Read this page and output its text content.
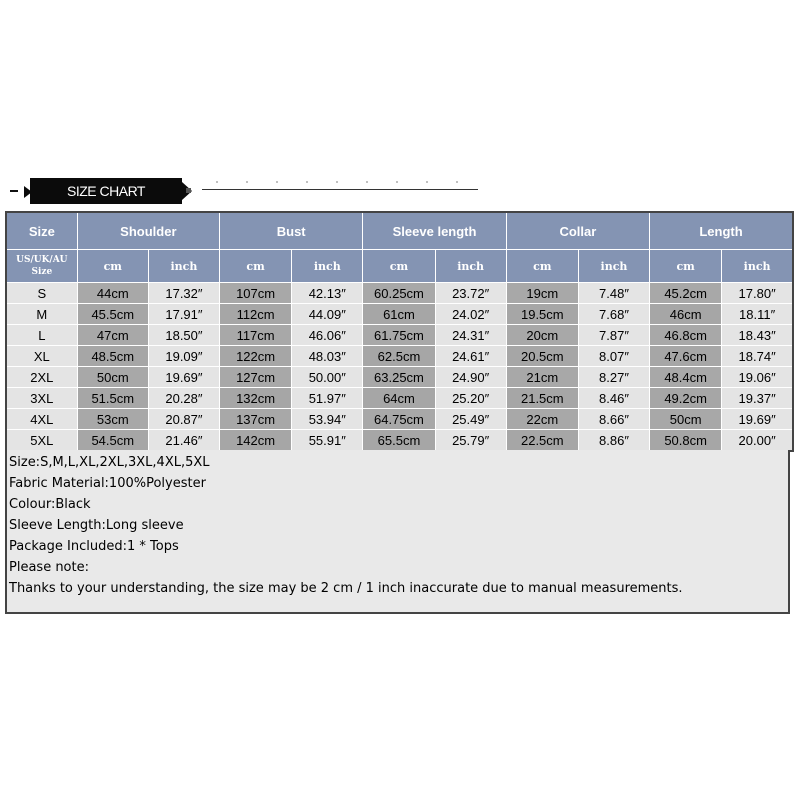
SIZE CHART
Size	Shoulder		Bust		Sleeve length		Collar		Length	
US/UK/AU Size	cm	inch	cm	inch	cm	inch	cm	inch	cm	inch
S	44cm	17.32″	107cm	42.13″	60.25cm	23.72″	19cm	7.48″	45.2cm	17.80″
M	45.5cm	17.91″	112cm	44.09″	61cm	24.02″	19.5cm	7.68″	46cm	18.11″
L	47cm	18.50″	117cm	46.06″	61.75cm	24.31″	20cm	7.87″	46.8cm	18.43″
XL	48.5cm	19.09″	122cm	48.03″	62.5cm	24.61″	20.5cm	8.07″	47.6cm	18.74″
2XL	50cm	19.69″	127cm	50.00″	63.25cm	24.90″	21cm	8.27″	48.4cm	19.06″
3XL	51.5cm	20.28″	132cm	51.97″	64cm	25.20″	21.5cm	8.46″	49.2cm	19.37″
4XL	53cm	20.87″	137cm	53.94″	64.75cm	25.49″	22cm	8.66″	50cm	19.69″
5XL	54.5cm	21.46″	142cm	55.91″	65.5cm	25.79″	22.5cm	8.86″	50.8cm	20.00″
Size:S,M,L,XL,2XL,3XL,4XL,5XL
Fabric Material:100%Polyester
Colour:Black
Sleeve Length:Long sleeve
Package Included:1 * Tops
Please note:
Thanks to your understanding, the size may be 2 cm / 1 inch inaccurate due to manual measurements.
